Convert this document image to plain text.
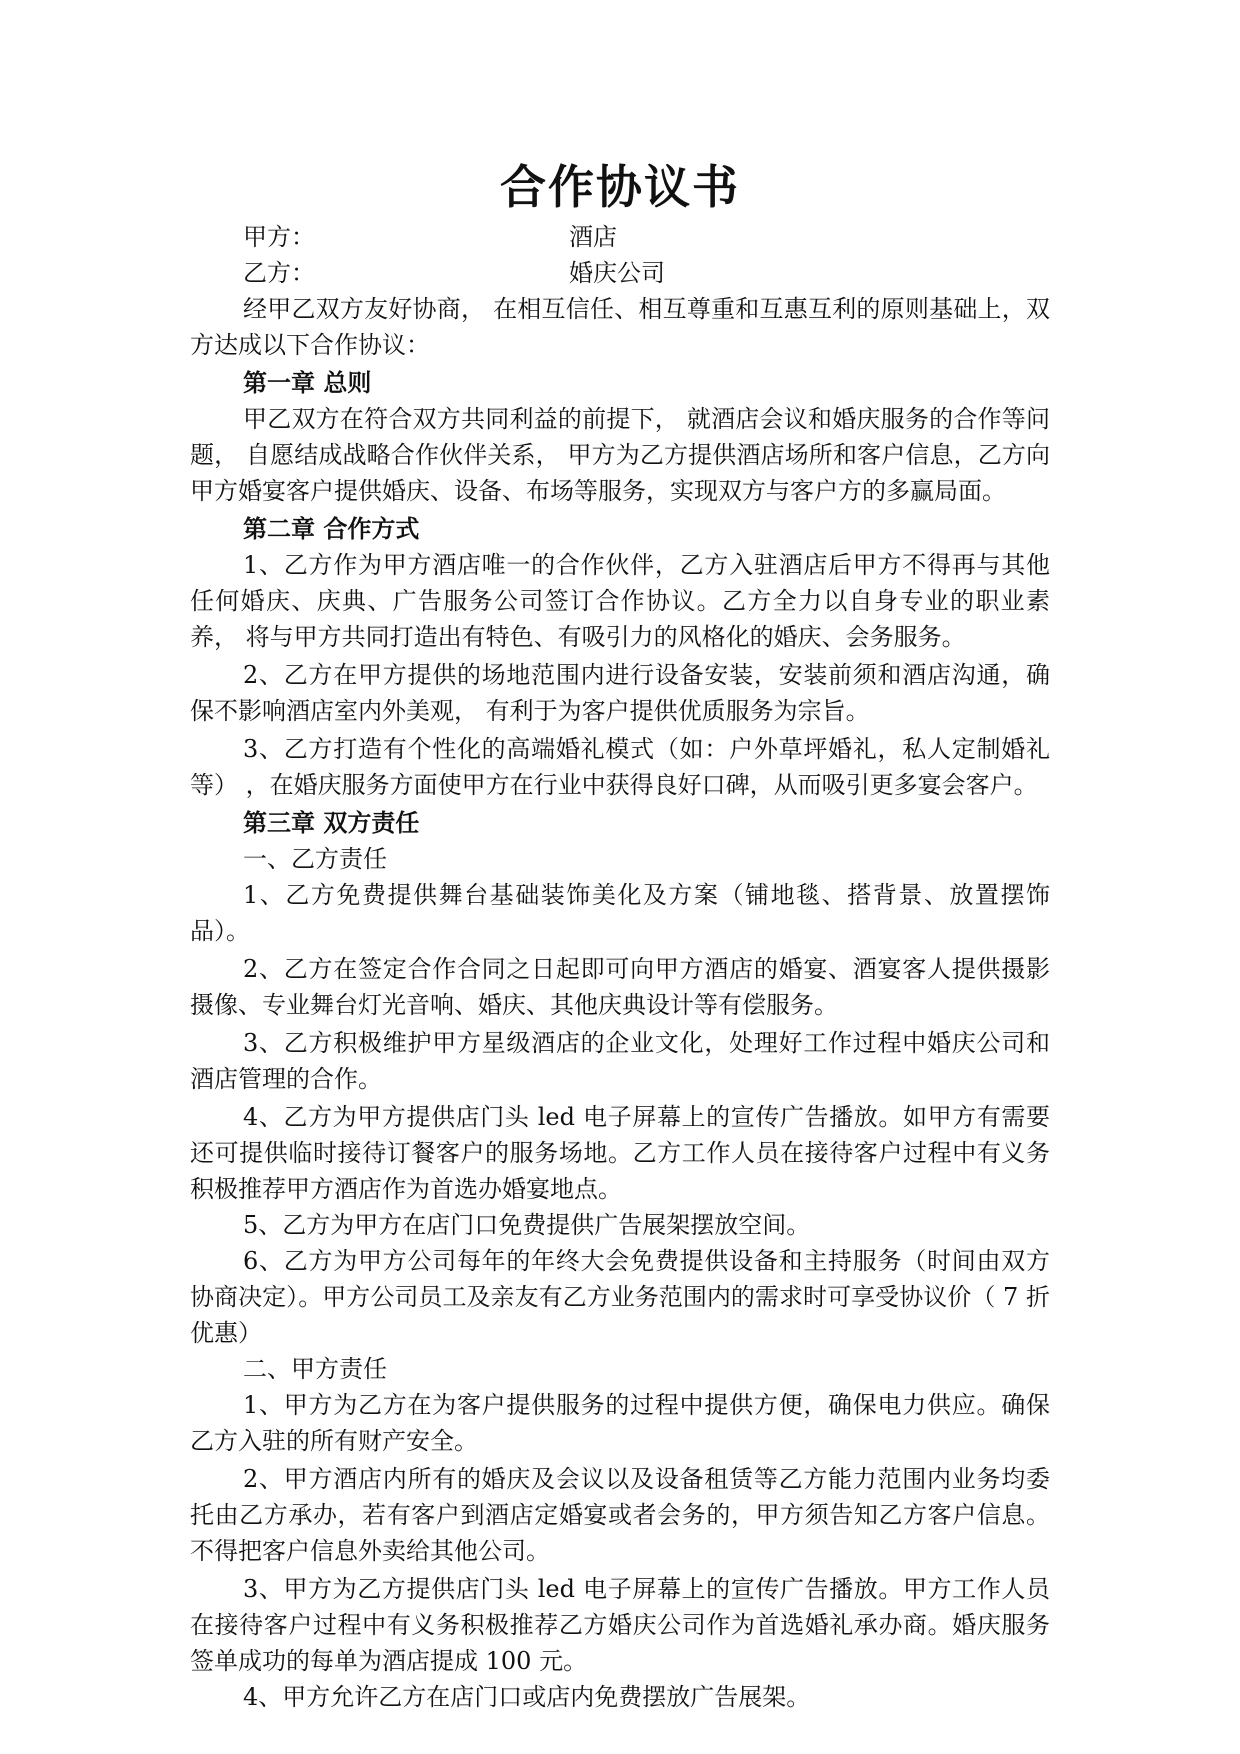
合作协议书
甲方：	酒店
乙方：	婚庆公司

经甲乙双方友好协商， 在相互信任、相互尊重和互惠互利的原则基础上，双方达成以下合作协议：

第一章 总则

甲乙双方在符合双方共同利益的前提下， 就酒店会议和婚庆服务的合作等问题， 自愿结成战略合作伙伴关系， 甲方为乙方提供酒店场所和客户信息，乙方向甲方婚宴客户提供婚庆、设备、布场等服务，实现双方与客户方的多赢局面。

第二章 合作方式

1、乙方作为甲方酒店唯一的合作伙伴，乙方入驻酒店后甲方不得再与其他任何婚庆、庆典、广告服务公司签订合作协议。乙方全力以自身专业的职业素养， 将与甲方共同打造出有特色、有吸引力的风格化的婚庆、会务服务。

2、乙方在甲方提供的场地范围内进行设备安装，安装前须和酒店沟通，确保不影响酒店室内外美观， 有利于为客户提供优质服务为宗旨。

3、乙方打造有个性化的高端婚礼模式（如：户外草坪婚礼，私人定制婚礼等） ，在婚庆服务方面使甲方在行业中获得良好口碑，从而吸引更多宴会客户。

第三章 双方责任

一、乙方责任

1、乙方免费提供舞台基础装饰美化及方案（铺地毯、搭背景、放置摆饰品）。

2、乙方在签定合作合同之日起即可向甲方酒店的婚宴、酒宴客人提供摄影摄像、专业舞台灯光音响、婚庆、其他庆典设计等有偿服务。

3、乙方积极维护甲方星级酒店的企业文化，处理好工作过程中婚庆公司和酒店管理的合作。

4、乙方为甲方提供店门头 led 电子屏幕上的宣传广告播放。如甲方有需要还可提供临时接待订餐客户的服务场地。乙方工作人员在接待客户过程中有义务积极推荐甲方酒店作为首选办婚宴地点。

5、乙方为甲方在店门口免费提供广告展架摆放空间。

6、乙方为甲方公司每年的年终大会免费提供设备和主持服务（时间由双方协商决定）。甲方公司员工及亲友有乙方业务范围内的需求时可享受协议价（ 7 折优惠）

二、甲方责任

1、甲方为乙方在为客户提供服务的过程中提供方便，确保电力供应。确保乙方入驻的所有财产安全。

2、甲方酒店内所有的婚庆及会议以及设备租赁等乙方能力范围内业务均委托由乙方承办，若有客户到酒店定婚宴或者会务的，甲方须告知乙方客户信息。不得把客户信息外卖给其他公司。

3、甲方为乙方提供店门头 led 电子屏幕上的宣传广告播放。甲方工作人员在接待客户过程中有义务积极推荐乙方婚庆公司作为首选婚礼承办商。婚庆服务签单成功的每单为酒店提成 100 元。

4、甲方允许乙方在店门口或店内免费摆放广告展架。
